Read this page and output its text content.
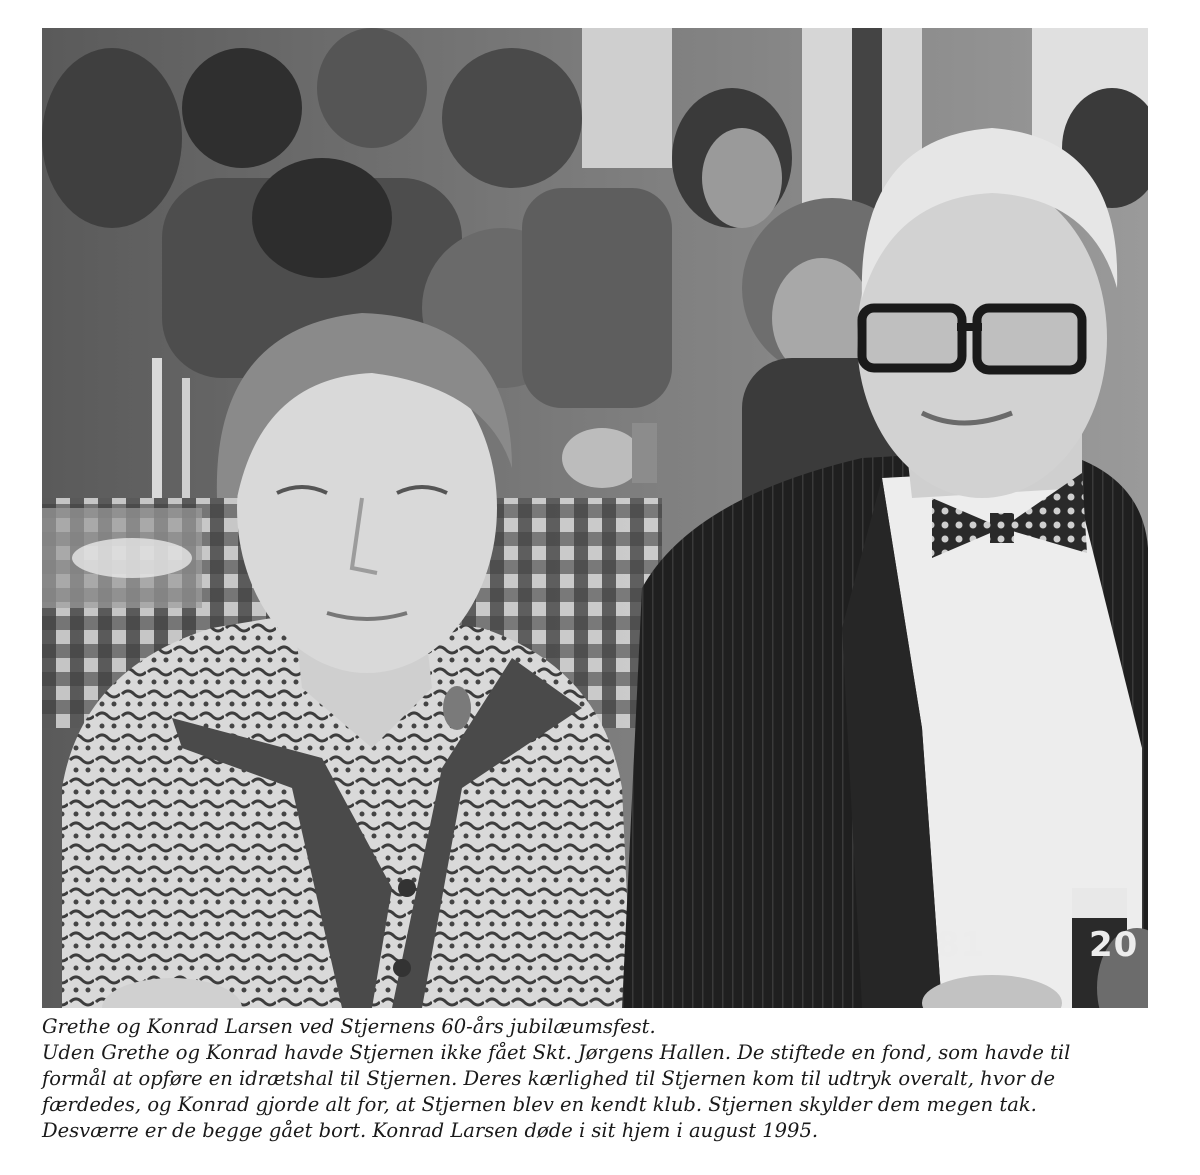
81	20
Grethe og Konrad Larsen ved Stjernens 60-års jubilæumsfest.
Uden Grethe og Konrad havde Stjernen ikke fået Skt. Jørgens Hallen. De stiftede en fond, som havde til
formål at opføre en idrætshal til Stjernen. Deres kærlighed til Stjernen kom til udtryk overalt, hvor de
færdedes, og Konrad gjorde alt for, at Stjernen blev en kendt klub. Stjernen skylder dem megen tak.
Desværre er de begge gået bort. Konrad Larsen døde i sit hjem i august 1995.
